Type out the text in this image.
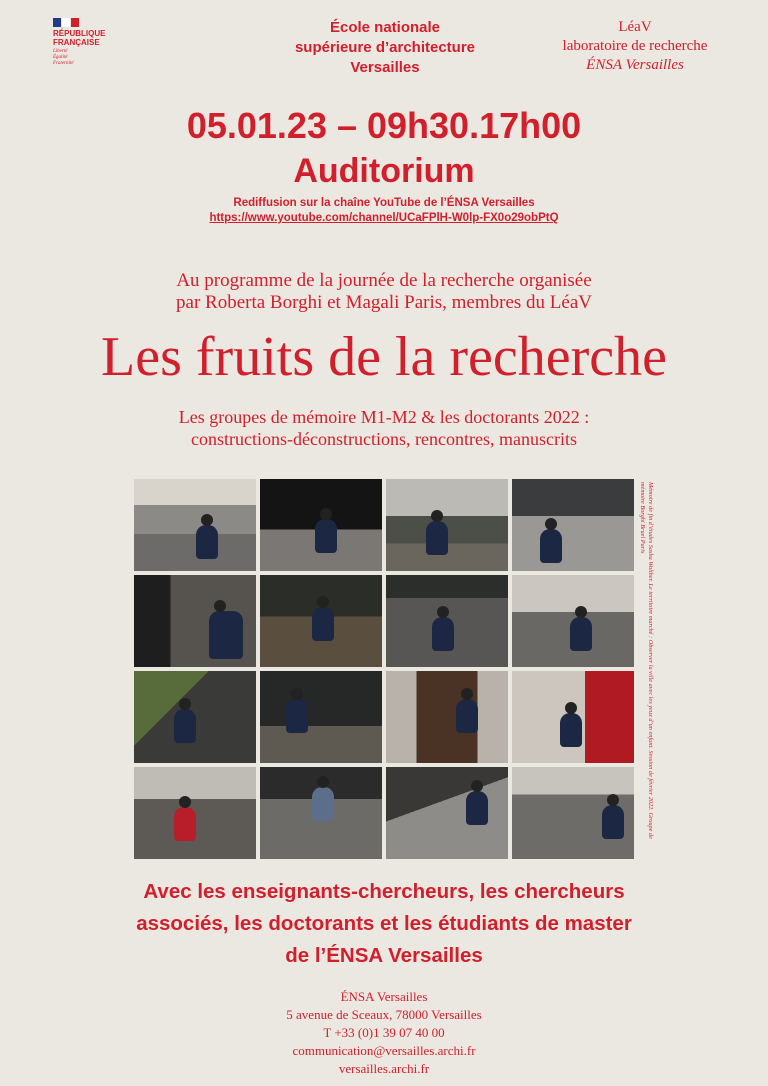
RÉPUBLIQUE
FRANÇAISE
Liberté
Égalité
Fraternité
École nationale
supérieure d’architecture
Versailles
LéaV
laboratoire de recherche
ÉNSA Versailles
05.01.23 – 09h30.17h00
Auditorium
Rediffusion sur la chaîne YouTube de l’ÉNSA Versailles
https://www.youtube.com/channel/UCaFPlH-W0lp-FX0o29obPtQ
Au programme de la journée de la recherche organisée
par Roberta Borghi et Magali Paris, membres du LéaV
Les fruits de la recherche
Les groupes de mémoire M1-M2 & les doctorants 2022 :
constructions-déconstructions, rencontres, manuscrits
Mémoire de fin d’études Sasha Walther. Le territoire marché : Observer la ville avec les yeux d’un enfant. Session de février 2022. Groupe de mémoire Borghi Bruel Paris
Avec les enseignants-chercheurs, les chercheurs
associés, les doctorants et les étudiants de master
de l’ÉNSA Versailles
ÉNSA Versailles
5 avenue de Sceaux, 78000 Versailles
T +33 (0)1 39 07 40 00
communication@versailles.archi.fr
versailles.archi.fr
